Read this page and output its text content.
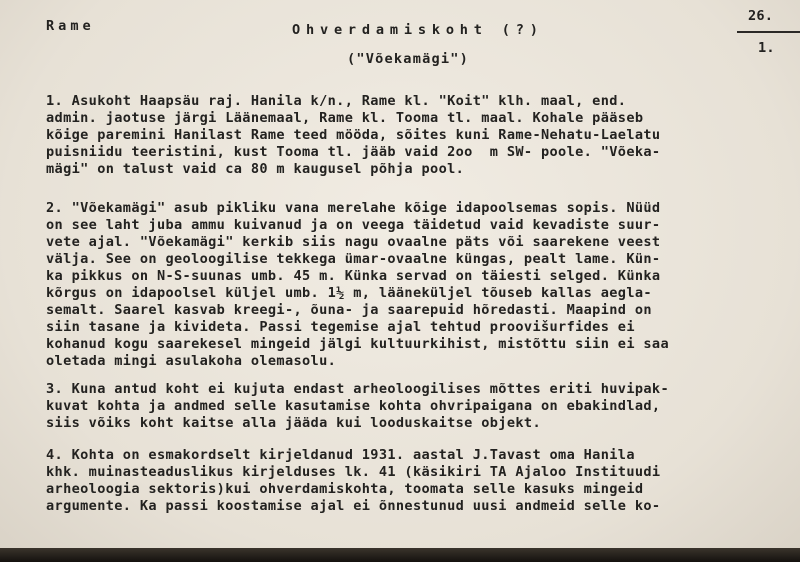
Rame	Ohverdamiskoht (?)
("Võekamägi")
26.
1.
1. Asukoht Haapsäu raj. Hanila k/n., Rame kl. "Koit" klh. maal, end.
admin. jaotuse järgi Läänemaal, Rame kl. Tooma tl. maal. Kohale pääseb
kõige paremini Hanilast Rame teed mööda, sõites kuni Rame-Nehatu-Laelatu
puisniidu teeristini, kust Tooma tl. jääb vaid 2oo  m SW- poole. "Võeka-
mägi" on talust vaid ca 80 m kaugusel põhja pool.
2. "Võekamägi" asub pikliku vana merelahe kõige idapoolsemas sopis. Nüüd
on see laht juba ammu kuivanud ja on veega täidetud vaid kevadiste suur-
vete ajal. "Võekamägi" kerkib siis nagu ovaalne päts või saarekene veest
välja. See on geoloogilise tekkega ümar-ovaalne küngas, pealt lame. Kün-
ka pikkus on N-S-suunas umb. 45 m. Künka servad on täiesti selged. Künka
kõrgus on idapoolsel küljel umb. 1½ m, lääneküljel tõuseb kallas aegla-
semalt. Saarel kasvab kreegi-, õuna- ja saarepuid hõredasti. Maapind on
siin tasane ja kivideta. Passi tegemise ajal tehtud proovišurfides ei
kohanud kogu saarekesel mingeid jälgi kultuurkihist, mistõttu siin ei saa
oletada mingi asulakoha olemasolu.
3. Kuna antud koht ei kujuta endast arheoloogilises mõttes eriti huvipak-
kuvat kohta ja andmed selle kasutamise kohta ohvripaigana on ebakindlad,
siis võiks koht kaitse alla jääda kui looduskaitse objekt.
4. Kohta on esmakordselt kirjeldanud 1931. aastal J.Tavast oma Hanila
khk. muinasteaduslikus kirjelduses lk. 41 (käsikiri TA Ajaloo Instituudi
arheoloogia sektoris)kui ohverdamiskohta, toomata selle kasuks mingeid
argumente. Ka passi koostamise ajal ei õnnestunud uusi andmeid selle ko-
